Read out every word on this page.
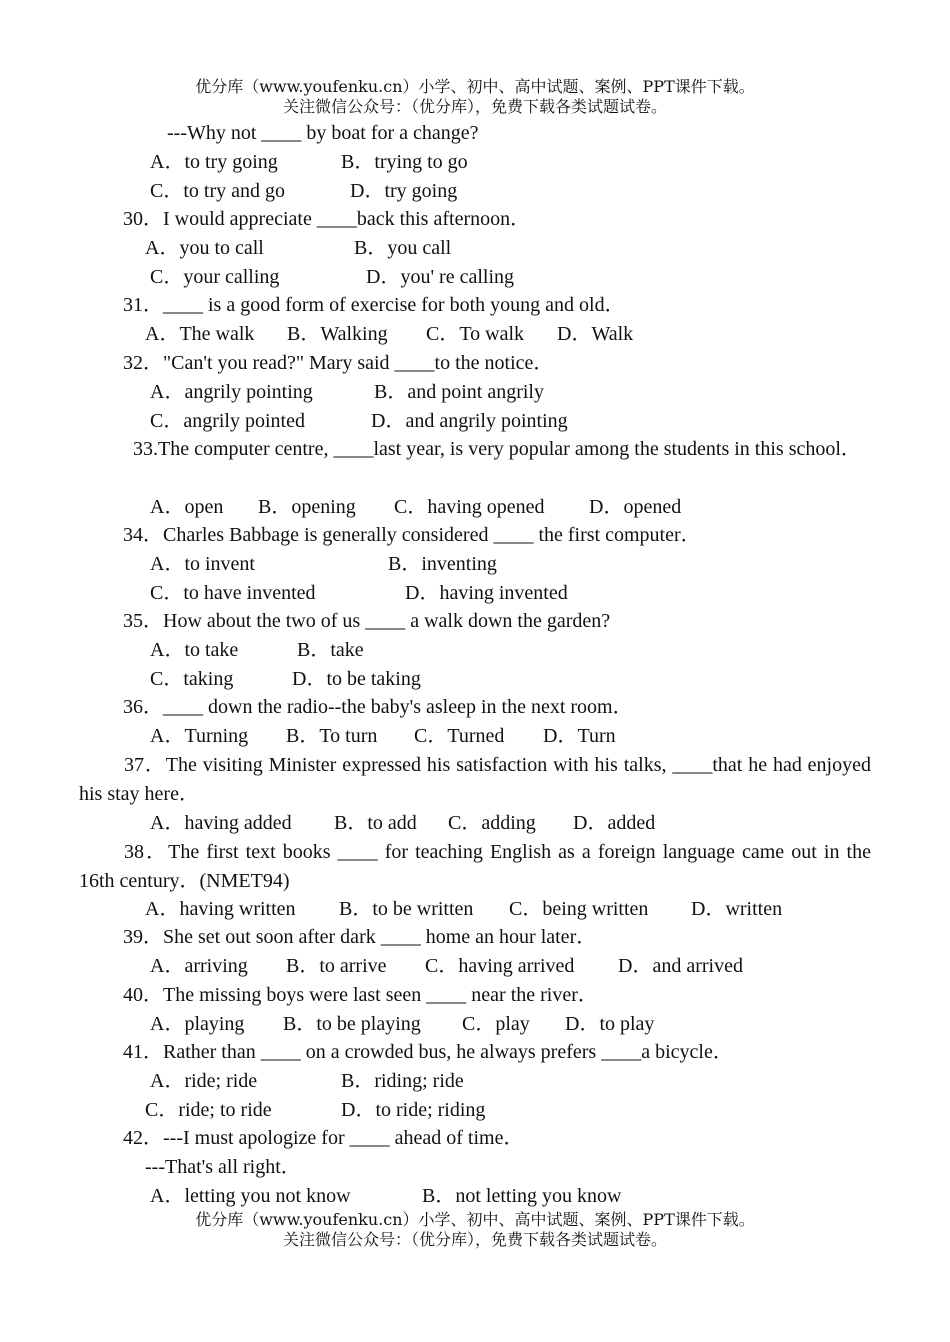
优分库（www.youfenku.cn）小学、初中、高中试题、案例、PPT课件下载。
关注微信公众号：（优分库），免费下载各类试题试卷。
---Why not ____ by boat for a change?
A．to try going	B．trying to go
C．to try and go	D．try going
30．I would appreciate ____back this afternoon．
A．you to call	B．you call
C．your calling	D．you' re calling
31．____ is a good form of exercise for both young and old．
A．The walk B．Walking C．To walk D．Walk
32．"Can't you read?" Mary said ____to the notice．
A．angrily pointing	B．and point angrily
C．angrily pointed	D．and angrily pointing
33.The computer centre, ____last year, is very popular among the students in this school．
A．open B．opening C．having opened D．opened
34．Charles Babbage is generally considered ____ the first computer．
A．to invent	B．inventing
C．to have invented	D．having invented
35．How about the two of us ____ a walk down the garden?
A．to take	B．take
C．taking	D．to be taking
36．____ down the radio--the baby's asleep in the next room．
A．Turning B．To turn C．Turned D．Turn
37．The visiting Minister expressed his satisfaction with his talks, ____that he had enjoyed his stay here．
A．having added B．to add C．adding D．added
38．The first text books ____ for teaching English as a foreign language came out in the 16th century．(NMET94)
A．having written B．to be written C．being written D．written
39．She set out soon after dark ____ home an hour later．
A．arriving B．to arrive C．having arrived D．and arrived
40．The missing boys were last seen ____ near the river．
A．playing B．to be playing C．play D．to play
41．Rather than ____ on a crowded bus, he always prefers ____a bicycle．
A．ride; ride	B．riding; ride
C．ride; to ride	D．to ride; riding
42．---I must apologize for ____ ahead of time．
---That's all right．
A．letting you not know	B．not letting you know
优分库（www.youfenku.cn）小学、初中、高中试题、案例、PPT课件下载。
关注微信公众号：（优分库），免费下载各类试题试卷。
